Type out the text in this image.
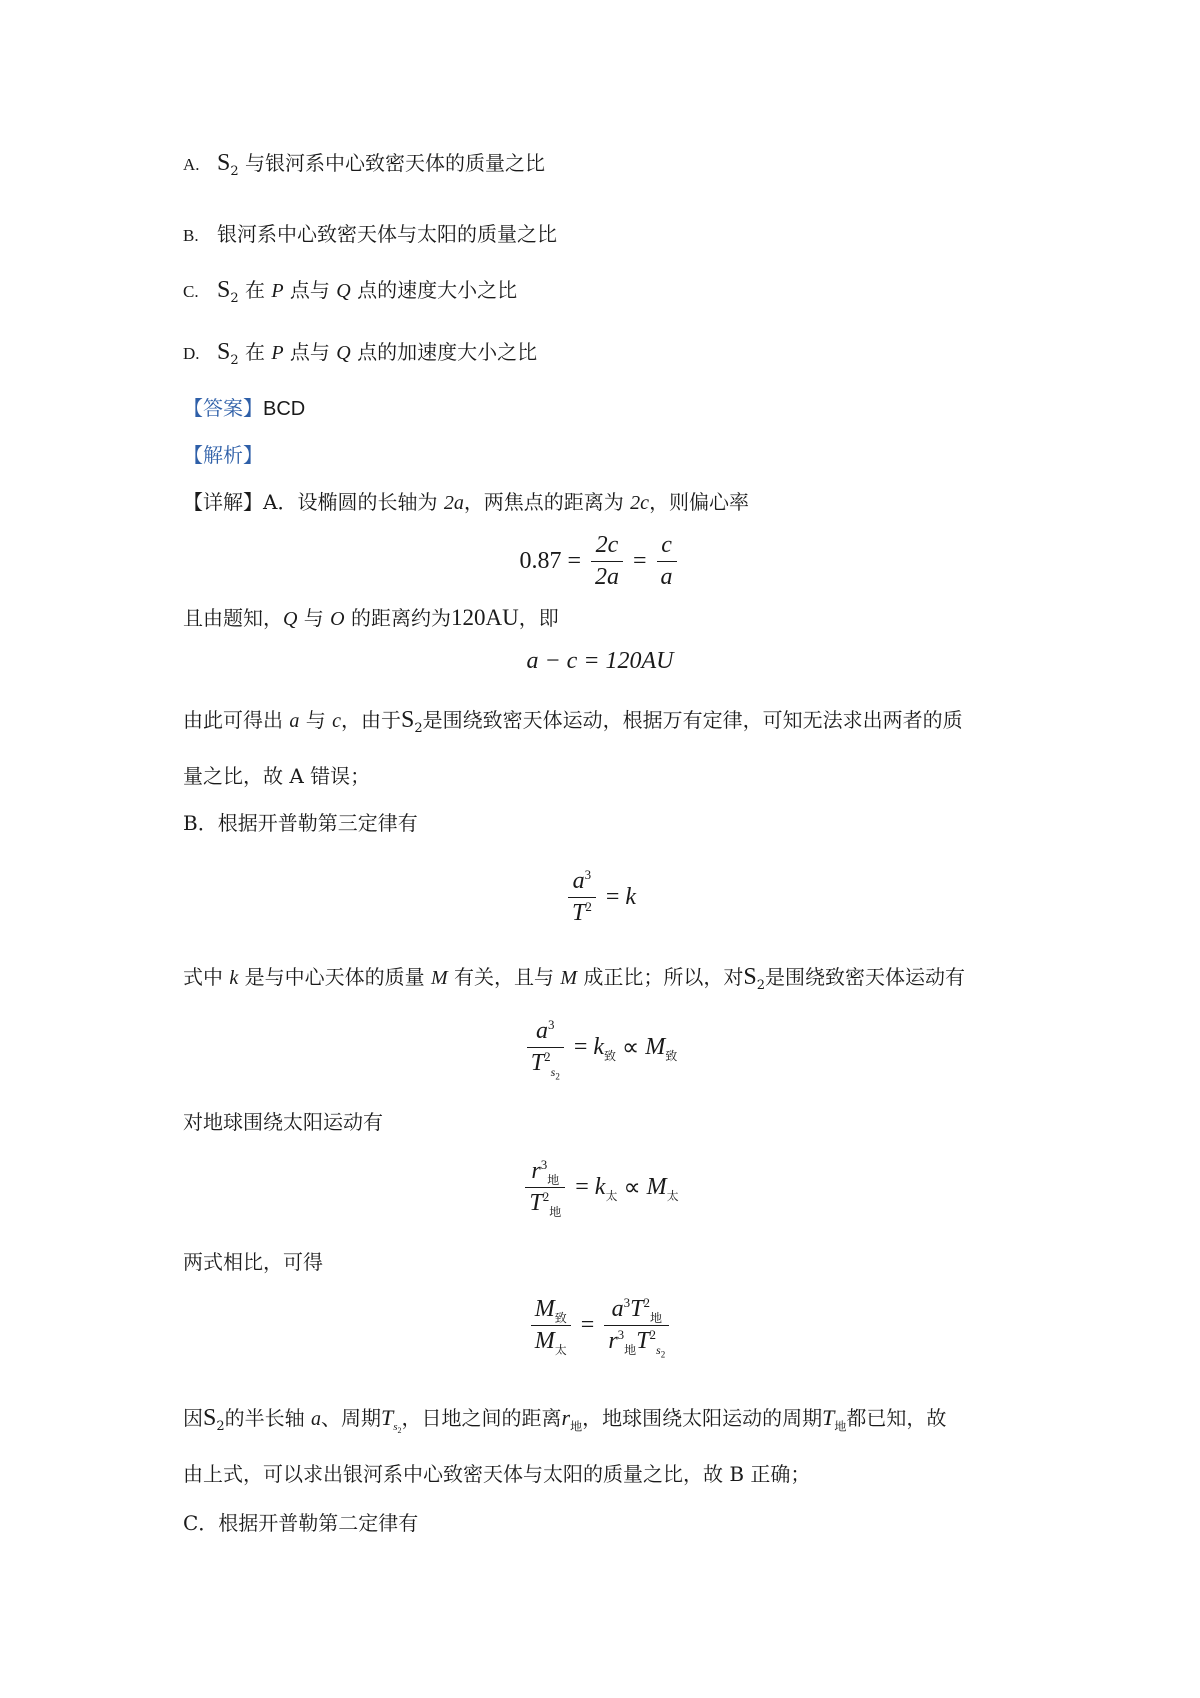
A. $S_2$ 与银河系中心致密天体的质量之比
B. 银河系中心致密天体与太阳的质量之比
C. $S_2$ 在 P 点与 Q 点的速度大小之比
D. $S_2$ 在 P 点与 Q 点的加速度大小之比
【答案】BCD
【解析】
【详解】A．设椭圆的长轴为 2a，两焦点的距离为 2c，则偏心率
$0.87 = \frac{2c}{2a} = \frac{c}{a}$
且由题知，Q 与 O 的距离约为120AU，即
a − c = 120AU
由此可得出 a 与 c，由于$S_2$是围绕致密天体运动，根据万有定律，可知无法求出两者的质
量之比，故 A 错误；
B．根据开普勒第三定律有
$\frac{a^3}{T^2} = k$
式中 k 是与中心天体的质量 M 有关，且与 M 成正比；所以，对$S_2$是围绕致密天体运动有
$\frac{a^3}{T^2_{s_2}} = k_致 \propto M_致$
对地球围绕太阳运动有
$\frac{r^3_地}{T^2_地} = k_太 \propto M_太$
两式相比，可得
$\frac{M_致}{M_太} = \frac{a^3T^2_地}{r^3_地T^2_{s_2}}$
因$S_2$的半长轴 a、周期$T_{s_2}$，日地之间的距离$r_地$，地球围绕太阳运动的周期$T_地$都已知，故
由上式，可以求出银河系中心致密天体与太阳的质量之比，故 B 正确；
C．根据开普勒第二定律有
